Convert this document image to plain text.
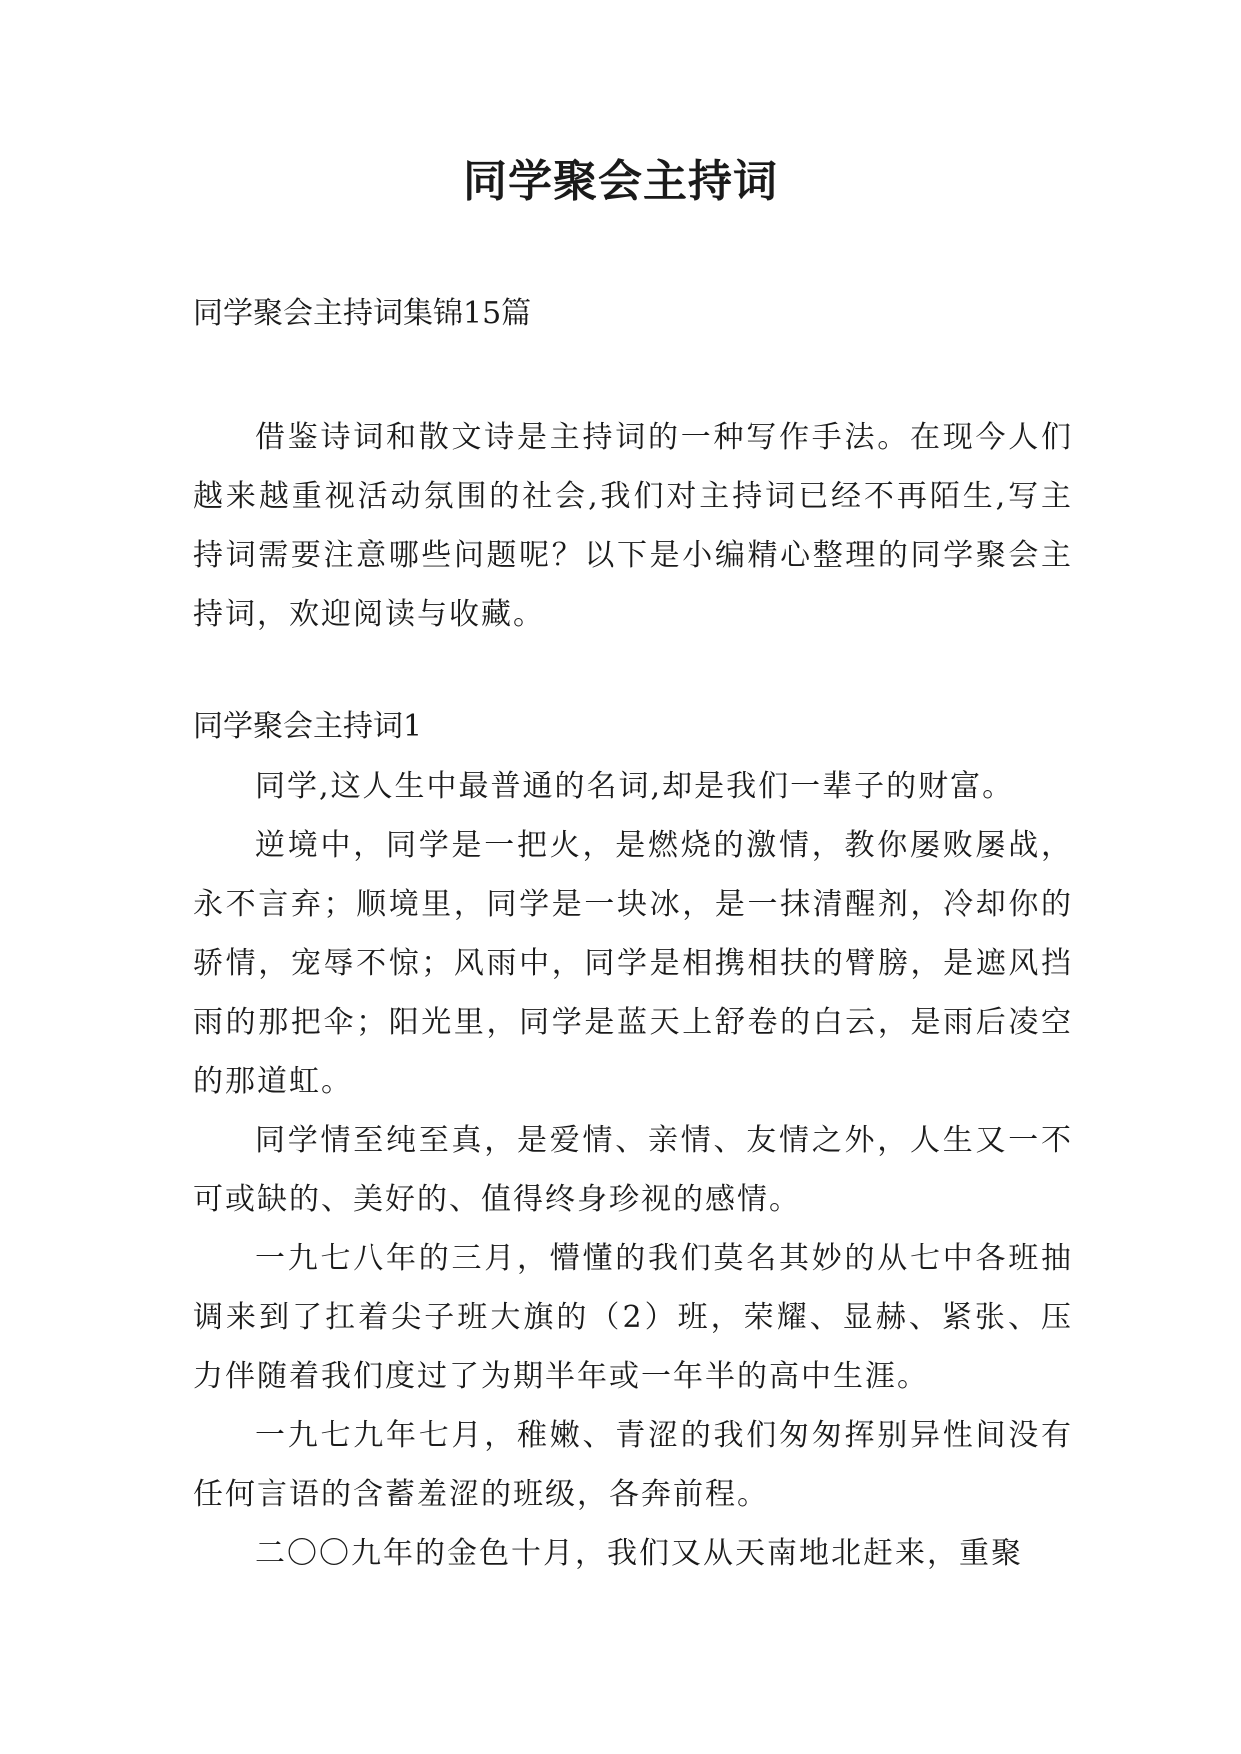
同学聚会主持词
同学聚会主持词集锦15篇

借鉴诗词和散文诗是主持词的一种写作手法。在现今人们越来越重视活动氛围的社会,我们对主持词已经不再陌生,写主持词需要注意哪些问题呢？以下是小编精心整理的同学聚会主持词，欢迎阅读与收藏。

同学聚会主持词1

同学,这人生中最普通的名词,却是我们一辈子的财富。

逆境中，同学是一把火，是燃烧的激情，教你屡败屡战，永不言弃；顺境里，同学是一块冰，是一抹清醒剂，冷却你的骄情，宠辱不惊；风雨中，同学是相携相扶的臂膀，是遮风挡雨的那把伞；阳光里，同学是蓝天上舒卷的白云，是雨后凌空的那道虹。

同学情至纯至真，是爱情、亲情、友情之外，人生又一不可或缺的、美好的、值得终身珍视的感情。

一九七八年的三月，懵懂的我们莫名其妙的从七中各班抽调来到了扛着尖子班大旗的（2）班，荣耀、显赫、紧张、压力伴随着我们度过了为期半年或一年半的高中生涯。

一九七九年七月，稚嫩、青涩的我们匆匆挥别异性间没有任何言语的含蓄羞涩的班级，各奔前程。

二〇〇九年的金色十月，我们又从天南地北赶来，重聚
